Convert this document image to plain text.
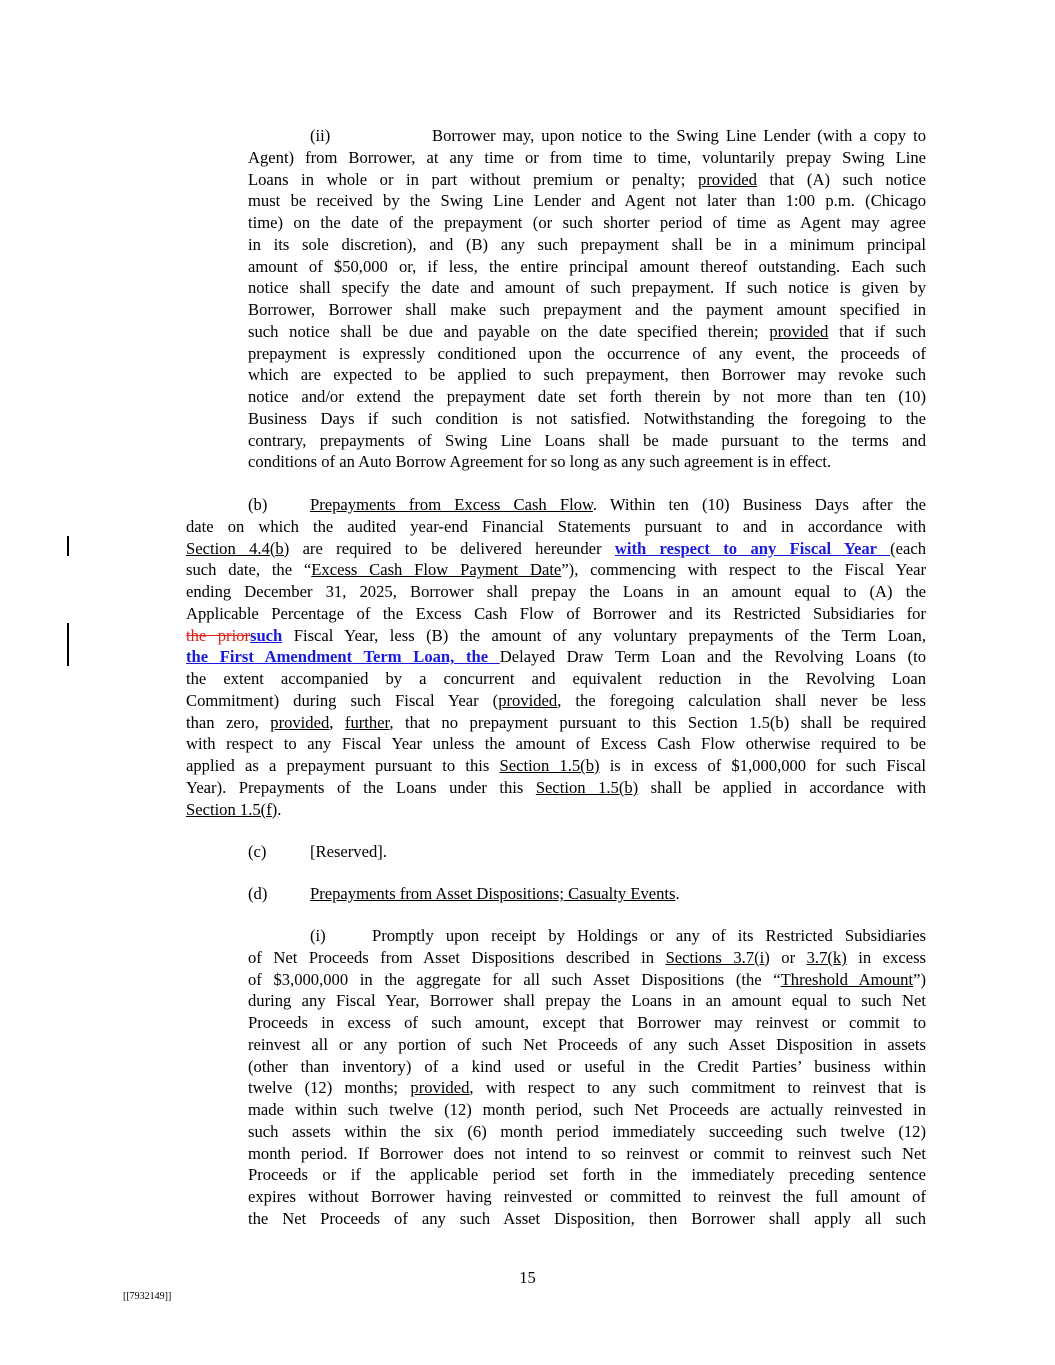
(ii)	Borrower may, upon notice to the Swing Line Lender (with a copy to
Agent) from Borrower, at any time or from time to time, voluntarily prepay Swing Line
Loans in whole or in part without premium or penalty; provided that (A) such notice
must be received by the Swing Line Lender and Agent not later than 1:00 p.m. (Chicago
time) on the date of the prepayment (or such shorter period of time as Agent may agree
in its sole discretion), and (B) any such prepayment shall be in a minimum principal
amount of $50,000 or, if less, the entire principal amount thereof outstanding. Each such
notice shall specify the date and amount of such prepayment. If such notice is given by
Borrower, Borrower shall make such prepayment and the payment amount specified in
such notice shall be due and payable on the date specified therein; provided that if such
prepayment is expressly conditioned upon the occurrence of any event, the proceeds of
which are expected to be applied to such prepayment, then Borrower may revoke such
notice and/or extend the prepayment date set forth therein by not more than ten (10)
Business Days if such condition is not satisfied. Notwithstanding the foregoing to the
contrary, prepayments of Swing Line Loans shall be made pursuant to the terms and
conditions of an Auto Borrow Agreement for so long as any such agreement is in effect.
(b)	Prepayments from Excess Cash Flow. Within ten (10) Business Days after the
date on which the audited year-end Financial Statements pursuant to and in accordance with
Section 4.4(b) are required to be delivered hereunder with respect to any Fiscal Year (each
such date, the “Excess Cash Flow Payment Date”), commencing with respect to the Fiscal Year
ending December 31, 2025, Borrower shall prepay the Loans in an amount equal to (A) the
Applicable Percentage of the Excess Cash Flow of Borrower and its Restricted Subsidiaries for
the priorsuch Fiscal Year, less (B) the amount of any voluntary prepayments of the Term Loan,
the First Amendment Term Loan, the Delayed Draw Term Loan and the Revolving Loans (to
the extent accompanied by a concurrent and equivalent reduction in the Revolving Loan
Commitment) during such Fiscal Year (provided, the foregoing calculation shall never be less
than zero, provided, further, that no prepayment pursuant to this Section 1.5(b) shall be required
with respect to any Fiscal Year unless the amount of Excess Cash Flow otherwise required to be
applied as a prepayment pursuant to this Section 1.5(b) is in excess of $1,000,000 for such Fiscal
Year). Prepayments of the Loans under this Section 1.5(b) shall be applied in accordance with
Section 1.5(f).
(c)	[Reserved].
(d)	Prepayments from Asset Dispositions; Casualty Events.
(i)	Promptly upon receipt by Holdings or any of its Restricted Subsidiaries
of Net Proceeds from Asset Dispositions described in Sections 3.7(i) or 3.7(k) in excess
of $3,000,000 in the aggregate for all such Asset Dispositions (the “Threshold Amount”)
during any Fiscal Year, Borrower shall prepay the Loans in an amount equal to such Net
Proceeds in excess of such amount, except that Borrower may reinvest or commit to
reinvest all or any portion of such Net Proceeds of any such Asset Disposition in assets
(other than inventory) of a kind used or useful in the Credit Parties’ business within
twelve (12) months; provided, with respect to any such commitment to reinvest that is
made within such twelve (12) month period, such Net Proceeds are actually reinvested in
such assets within the six (6) month period immediately succeeding such twelve (12)
month period. If Borrower does not intend to so reinvest or commit to reinvest such Net
Proceeds or if the applicable period set forth in the immediately preceding sentence
expires without Borrower having reinvested or committed to reinvest the full amount of
the Net Proceeds of any such Asset Disposition, then Borrower shall apply all such
15
[[7932149]]
